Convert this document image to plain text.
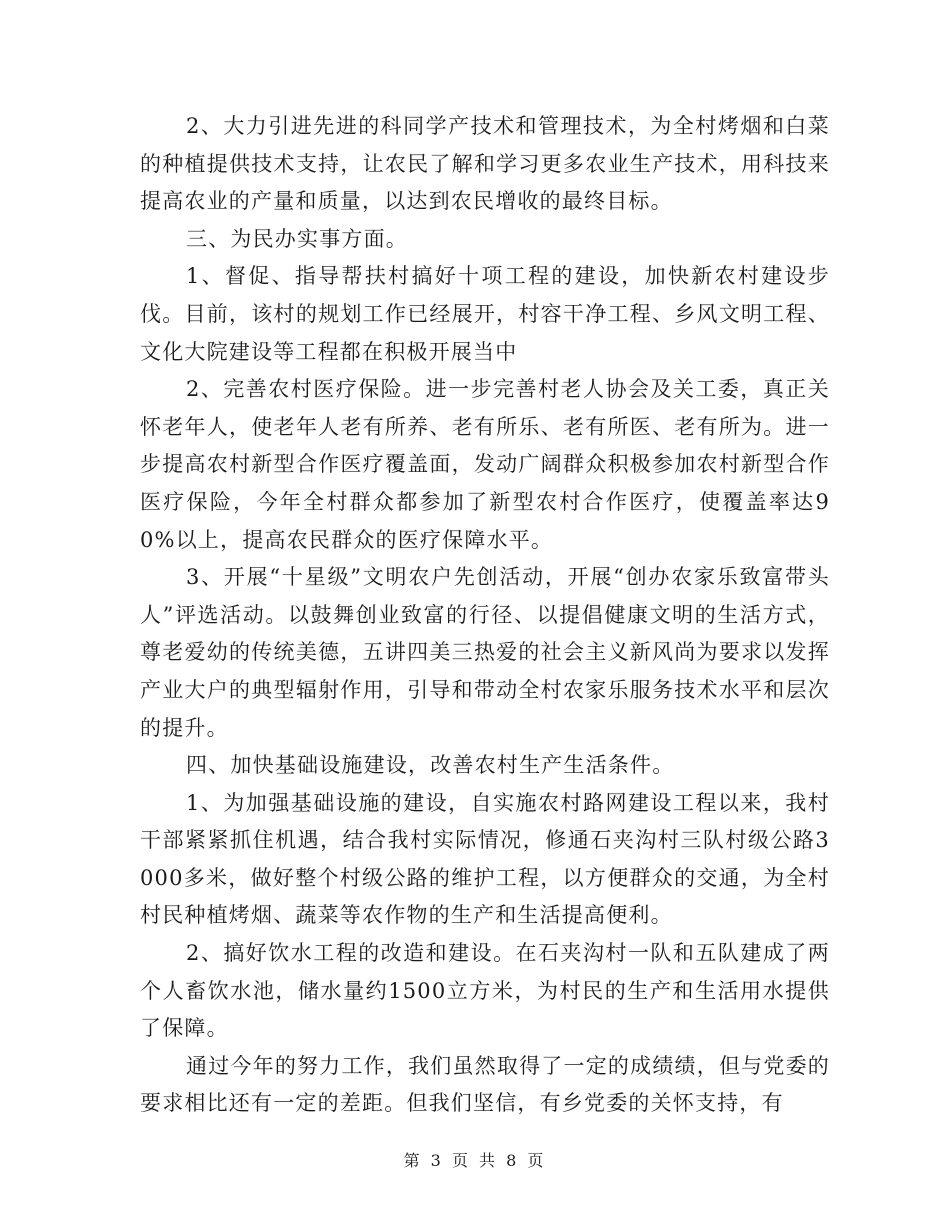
2、大力引进先进的科同学产技术和管理技术，为全村烤烟和白菜的种植提供技术支持，让农民了解和学习更多农业生产技术，用科技来提高农业的产量和质量，以达到农民增收的最终目标。

三、为民办实事方面。

1、督促、指导帮扶村搞好十项工程的建设，加快新农村建设步伐。目前，该村的规划工作已经展开，村容干净工程、乡风文明工程、文化大院建设等工程都在积极开展当中

2、完善农村医疗保险。进一步完善村老人协会及关工委，真正关怀老年人，使老年人老有所养、老有所乐、老有所医、老有所为。进一步提高农村新型合作医疗覆盖面，发动广阔群众积极参加农村新型合作医疗保险，今年全村群众都参加了新型农村合作医疗，使覆盖率达90%以上，提高农民群众的医疗保障水平。

3、开展“十星级”文明农户先创活动，开展“创办农家乐致富带头人”评选活动。以鼓舞创业致富的行径、以提倡健康文明的生活方式，尊老爱幼的传统美德，五讲四美三热爱的社会主义新风尚为要求以发挥产业大户的典型辐射作用，引导和带动全村农家乐服务技术水平和层次的提升。

四、加快基础设施建设，改善农村生产生活条件。

1、为加强基础设施的建设，自实施农村路网建设工程以来，我村干部紧紧抓住机遇，结合我村实际情况，修通石夹沟村三队村级公路3000多米，做好整个村级公路的维护工程，以方便群众的交通，为全村村民种植烤烟、蔬菜等农作物的生产和生活提高便利。

2、搞好饮水工程的改造和建设。在石夹沟村一队和五队建成了两个人畜饮水池，储水量约1500立方米，为村民的生产和生活用水提供了保障。

通过今年的努力工作，我们虽然取得了一定的成绩绩，但与党委的要求相比还有一定的差距。但我们坚信，有乡党委的关怀支持，有

第 3 页 共 8 页
